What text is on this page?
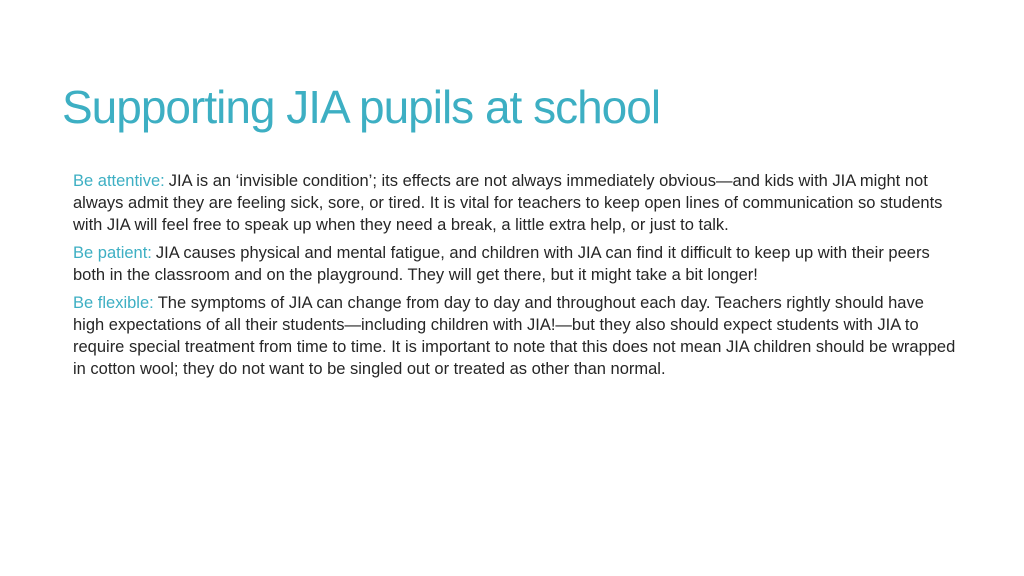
Supporting JIA pupils at school

Be attentive: JIA is an ‘invisible condition’; its effects are not always immediately obvious—and kids with JIA might not always admit they are feeling sick, sore, or tired. It is vital for teachers to keep open lines of communication so students with JIA will feel free to speak up when they need a break, a little extra help, or just to talk.

Be patient: JIA causes physical and mental fatigue, and children with JIA can find it difficult to keep up with their peers both in the classroom and on the playground. They will get there, but it might take a bit longer!

Be flexible: The symptoms of JIA can change from day to day and throughout each day. Teachers rightly should have high expectations of all their students—including children with JIA!—but they also should expect students with JIA to require special treatment from time to time. It is important to note that this does not mean JIA children should be wrapped in cotton wool; they do not want to be singled out or treated as other than normal.
